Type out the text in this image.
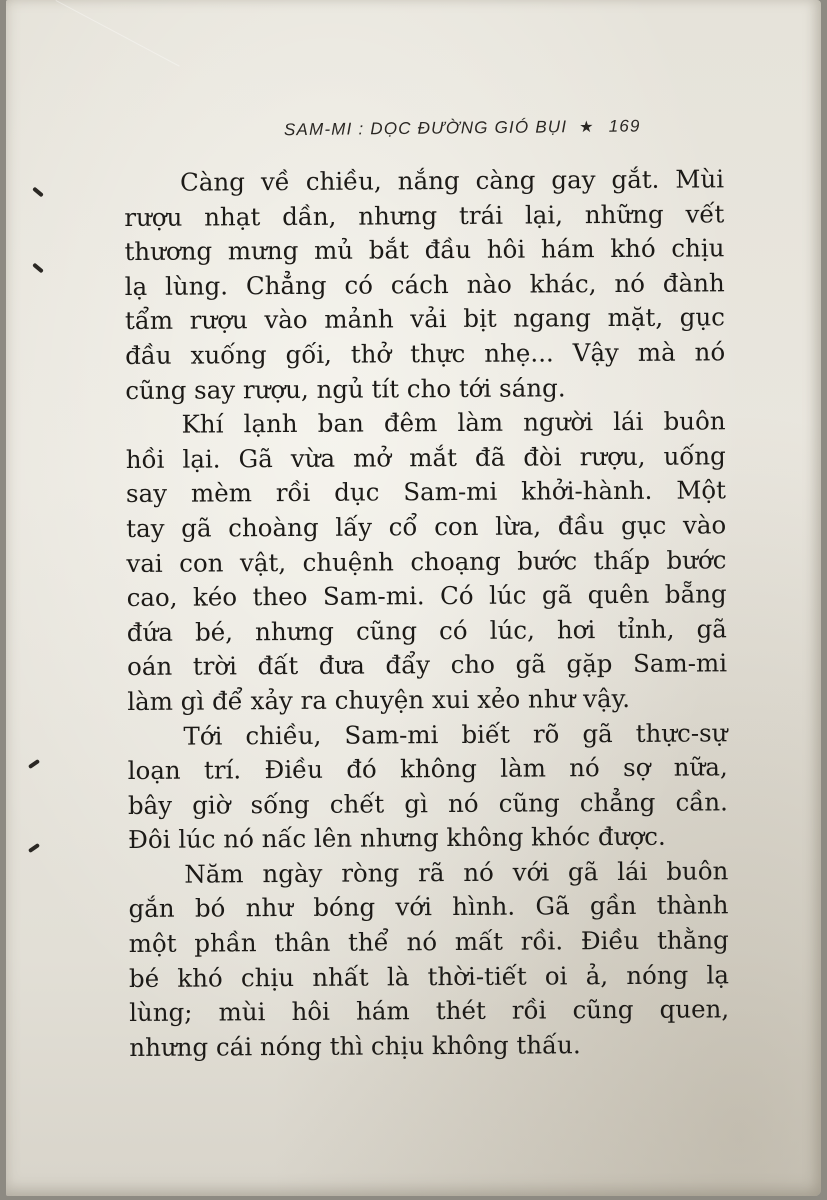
SAM-MI : DỌC ĐƯỜNG GIÓ BỤI ★ 169

Càng về chiều, nắng càng gay gắt. Mùi

rượu nhạt dần, nhưng trái lại, những vết

thương mưng mủ bắt đầu hôi hám khó chịu

lạ lùng. Chẳng có cách nào khác, nó đành

tẩm rượu vào mảnh vải bịt ngang mặt, gục

đầu xuống gối, thở thực nhẹ... Vậy mà nó

cũng say rượu, ngủ tít cho tới sáng.

Khí lạnh ban đêm làm người lái buôn

hồi lại. Gã vừa mở mắt đã đòi rượu, uống

say mèm rồi dục Sam-mi khởi-hành. Một

tay gã choàng lấy cổ con lừa, đầu gục vào

vai con vật, chuệnh choạng bước thấp bước

cao, kéo theo Sam-mi. Có lúc gã quên bẵng

đứa bé, nhưng cũng có lúc, hơi tỉnh, gã

oán trời đất đưa đẩy cho gã gặp Sam-mi

làm gì để xảy ra chuyện xui xẻo như vậy.

Tới chiều, Sam-mi biết rõ gã thực-sự

loạn trí. Điều đó không làm nó sợ nữa,

bây giờ sống chết gì nó cũng chẳng cần.

Đôi lúc nó nấc lên nhưng không khóc được.

Năm ngày ròng rã nó với gã lái buôn

gắn bó như bóng với hình. Gã gần thành

một phần thân thể nó mất rồi. Điều thằng

bé khó chịu nhất là thời-tiết oi ả, nóng lạ

lùng; mùi hôi hám thét rồi cũng quen,

nhưng cái nóng thì chịu không thấu.
